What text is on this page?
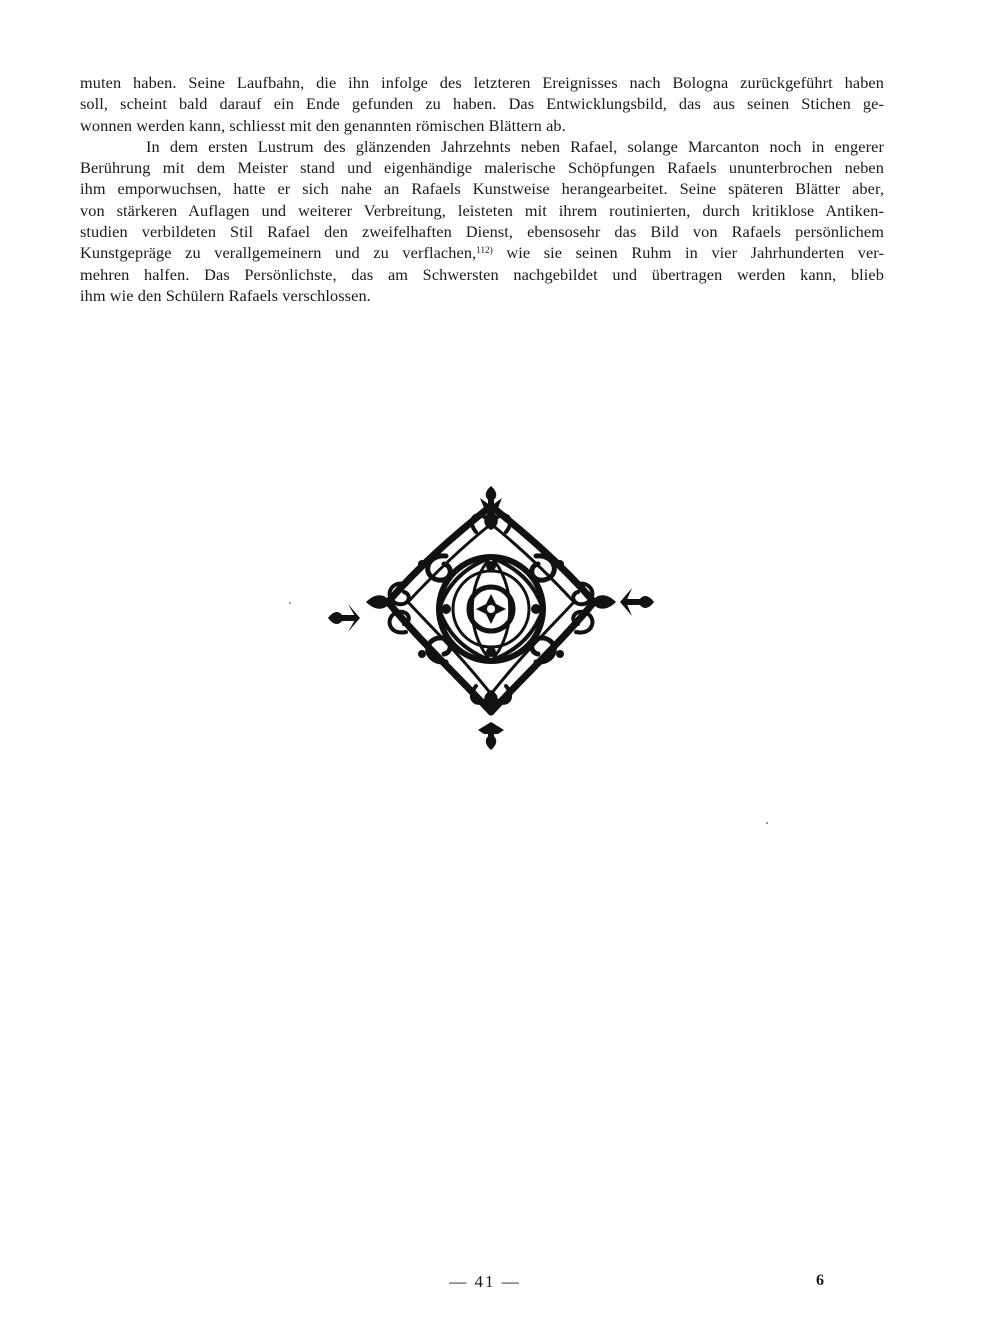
muten haben. Seine Laufbahn, die ihn infolge des letzteren Ereignisses nach Bologna zurückgeführt haben
soll, scheint bald darauf ein Ende gefunden zu haben. Das Entwicklungsbild, das aus seinen Stichen ge-
wonnen werden kann, schliesst mit den genannten römischen Blättern ab.
In dem ersten Lustrum des glänzenden Jahrzehnts neben Rafael, solange Marcanton noch in engerer
Berührung mit dem Meister stand und eigenhändige malerische Schöpfungen Rafaels ununterbrochen neben
ihm emporwuchsen, hatte er sich nahe an Rafaels Kunstweise herangearbeitet. Seine späteren Blätter aber,
von stärkeren Auflagen und weiterer Verbreitung, leisteten mit ihrem routinierten, durch kritiklose Antiken-
studien verbildeten Stil Rafael den zweifelhaften Dienst, ebensosehr das Bild von Rafaels persönlichem
Kunstgepräge zu verallgemeinern und zu verflachen,$^{112)}$ wie sie seinen Ruhm in vier Jahrhunderten ver-
mehren halfen. Das Persönlichste, das am Schwersten nachgebildet und übertragen werden kann, blieb
ihm wie den Schülern Rafaels verschlossen.
— 41 —	6
